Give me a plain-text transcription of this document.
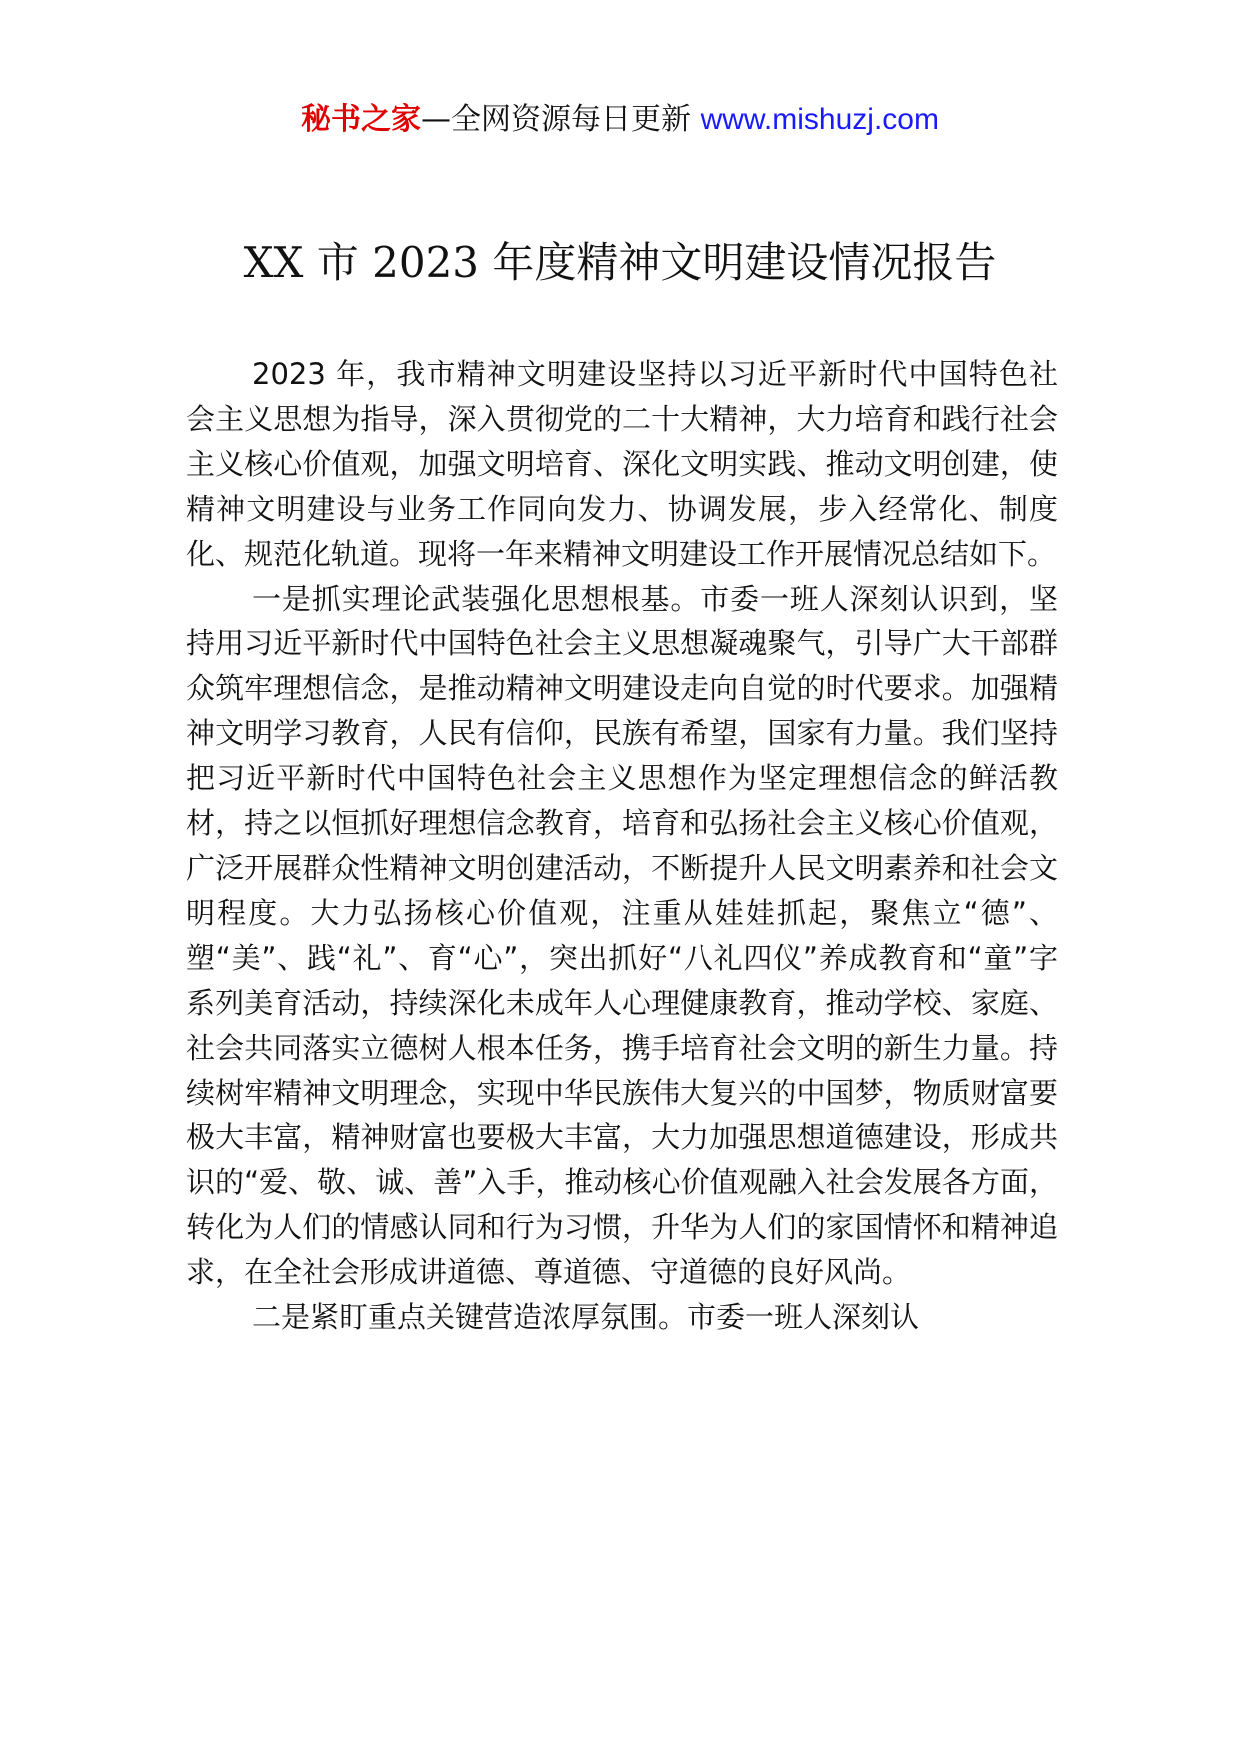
秘书之家—全网资源每日更新 www.mishuzj.com
XX 市 2023 年度精神文明建设情况报告

2023 年，我市精神文明建设坚持以习近平新时代中国特色社会主义思想为指导，深入贯彻党的二十大精神，大力培育和践行社会主义核心价值观，加强文明培育、深化文明实践、推动文明创建，使精神文明建设与业务工作同向发力、协调发展，步入经常化、制度化、规范化轨道。现将一年来精神文明建设工作开展情况总结如下。

一是抓实理论武装强化思想根基。市委一班人深刻认识到，坚持用习近平新时代中国特色社会主义思想凝魂聚气，引导广大干部群众筑牢理想信念，是推动精神文明建设走向自觉的时代要求。加强精神文明学习教育，人民有信仰，民族有希望，国家有力量。我们坚持把习近平新时代中国特色社会主义思想作为坚定理想信念的鲜活教材，持之以恒抓好理想信念教育，培育和弘扬社会主义核心价值观，广泛开展群众性精神文明创建活动，不断提升人民文明素养和社会文明程度。大力弘扬核心价值观，注重从娃娃抓起，聚焦立“德”、塑“美”、践“礼”、育“心”，突出抓好“八礼四仪”养成教育和“童”字系列美育活动，持续深化未成年人心理健康教育，推动学校、家庭、社会共同落实立德树人根本任务，携手培育社会文明的新生力量。持续树牢精神文明理念，实现中华民族伟大复兴的中国梦，物质财富要极大丰富，精神财富也要极大丰富，大力加强思想道德建设，形成共识的“爱、敬、诚、善”入手，推动核心价值观融入社会发展各方面，转化为人们的情感认同和行为习惯，升华为人们的家国情怀和精神追求，在全社会形成讲道德、尊道德、守道德的良好风尚。

二是紧盯重点关键营造浓厚氛围。市委一班人深刻认
